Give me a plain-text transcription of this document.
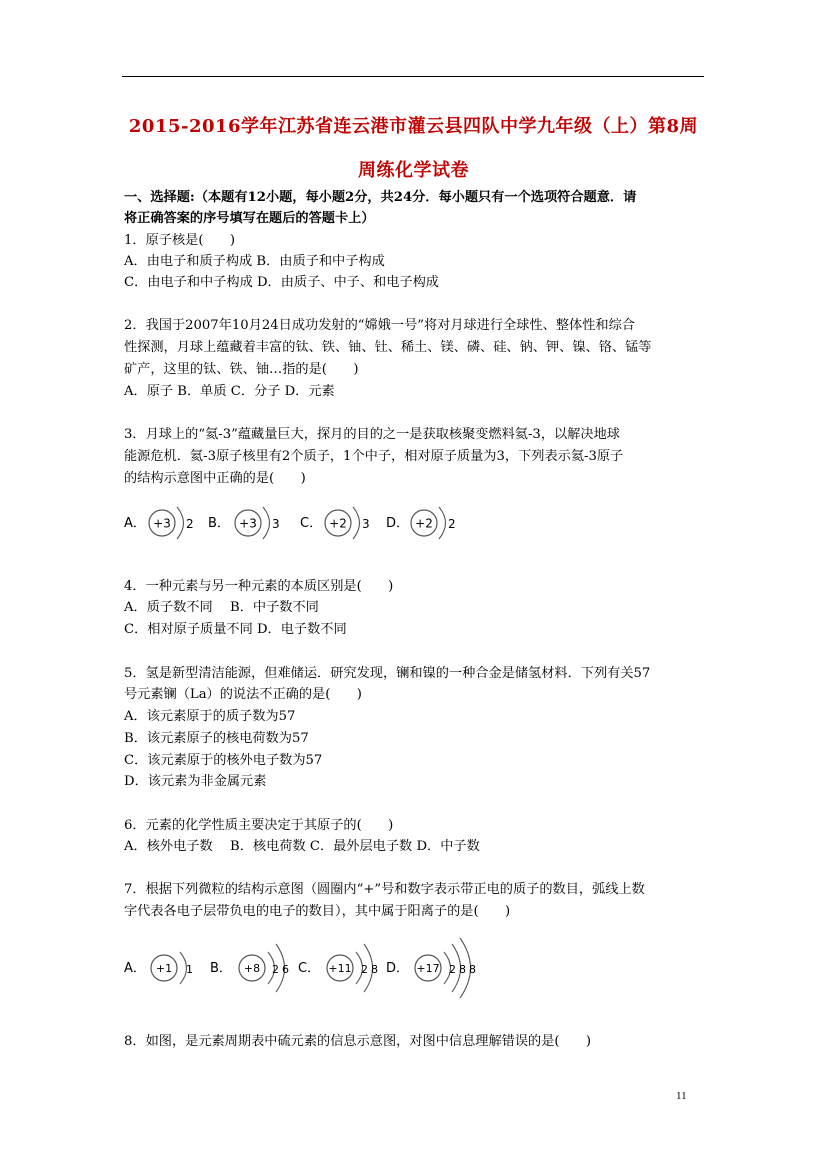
2015-2016学年江苏省连云港市灌云县四队中学九年级（上）第8周
周练化学试卷
一、选择题:（本题有12小题，每小题2分，共24分．每小题只有一个选项符合题意．请
将正确答案的序号填写在题后的答题卡上）
1．原子核是(　　)
A．由电子和质子构成 B．由质子和中子构成
C．由电子和中子构成 D．由质子、中子、和电子构成
2．我国于2007年10月24日成功发射的“嫦娥一号”将对月球进行全球性、整体性和综合
性探测，月球上蕴藏着丰富的钛、铁、铀、钍、稀土、镁、磷、硅、钠、钾、镍、铬、锰等
矿产，这里的钛、铁、铀…指的是(　　)
A．原子 B．单质 C．分子 D．元素
3．月球上的“氦-3”蕴藏量巨大，探月的目的之一是获取核聚变燃料氦-3，以解决地球
能源危机．氦-3原子核里有2个质子，1个中子，相对原子质量为3，下列表示氦-3原子
的结构示意图中正确的是(　　)
A． +3 2 B． +3 3 C． +2 3 D． +2 2
4．一种元素与另一种元素的本质区别是(　　)
A．质子数不同　 B．中子数不同
C．相对原子质量不同 D．电子数不同
5．氢是新型清洁能源，但难储运．研究发现，镧和镍的一种合金是储氢材料．下列有关57
号元素镧（La）的说法不正确的是(　　)
A．该元素原于的质子数为57
B．该元素原子的核电荷数为57
C．该元素原于的核外电子数为57
D．该元素为非金属元素
6．元素的化学性质主要决定于其原子的(　　)
A．核外电子数　 B．核电荷数 C．最外层电子数 D．中子数
7．根据下列微粒的结构示意图（圆圈内“+”号和数字表示带正电的质子的数目，弧线上数
字代表各电子层带负电的电子的数目），其中属于阳离子的是(　　)
A． +1 1 B． +8 2 6 C． +11 2 8 D． +17 2 8 8
8．如图，是元素周期表中硫元素的信息示意图，对图中信息理解错误的是(　　)
11
